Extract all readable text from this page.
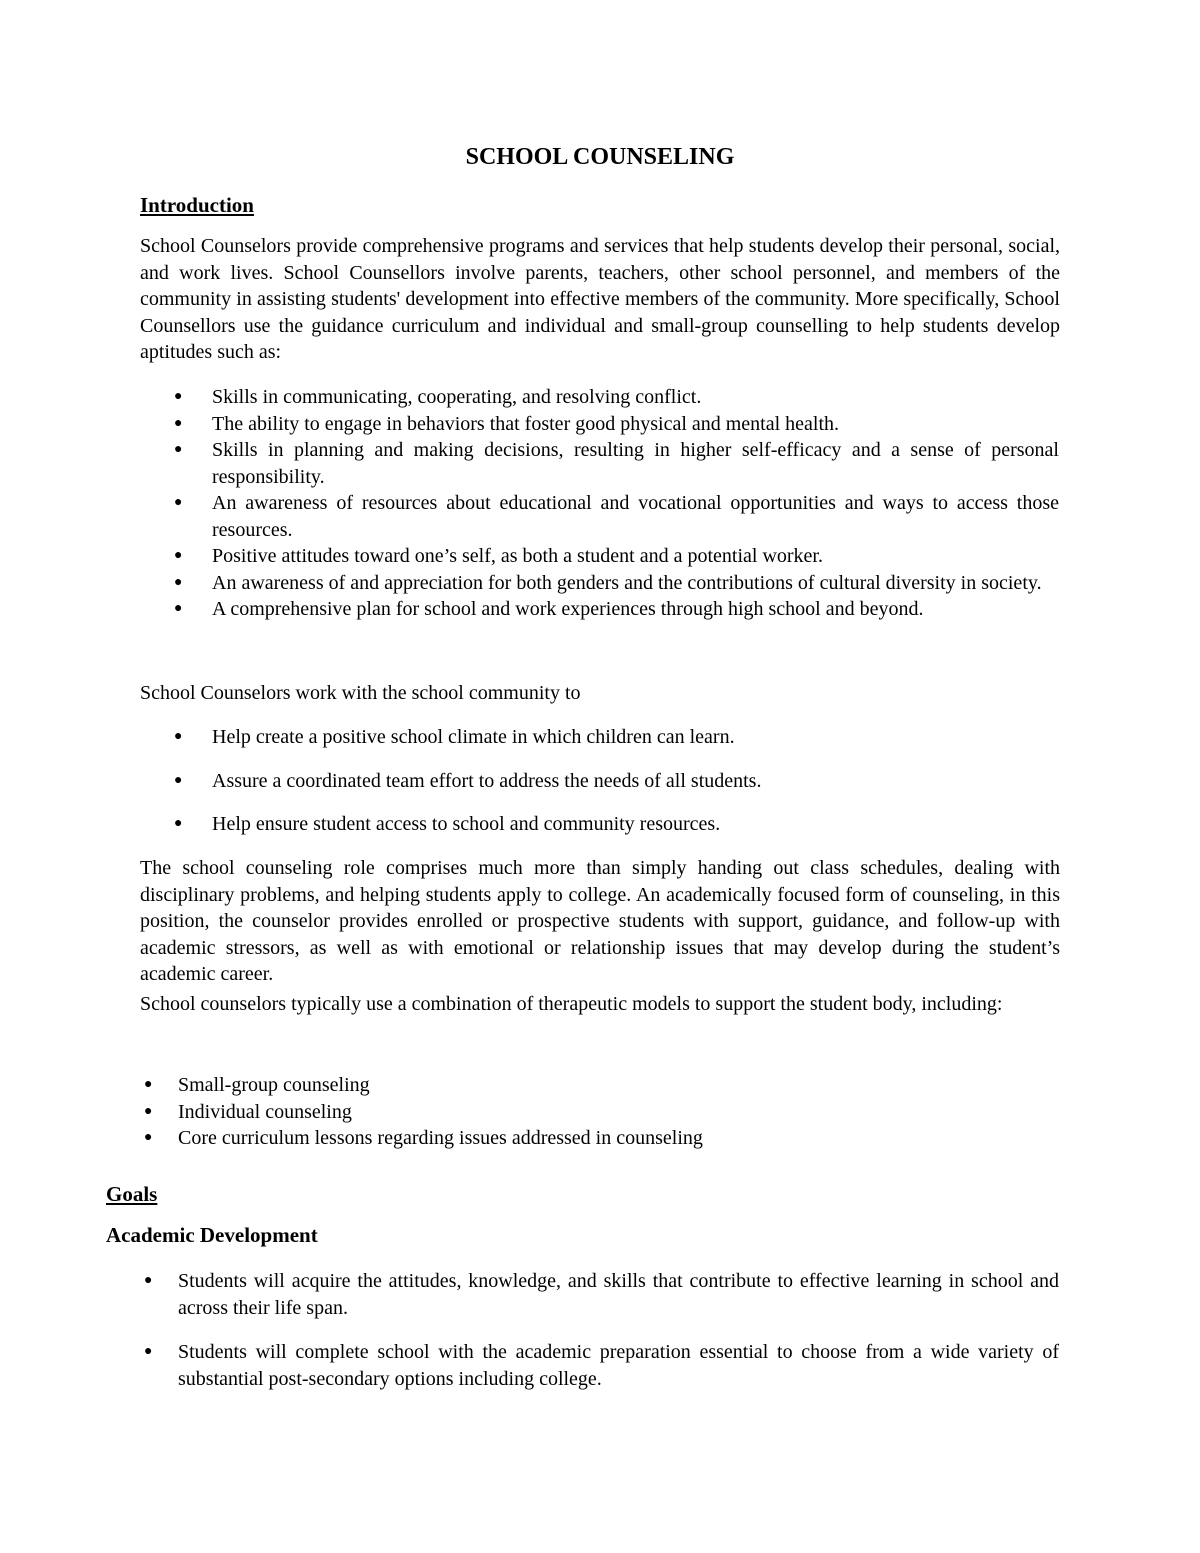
SCHOOL COUNSELING
Introduction

School Counselors provide comprehensive programs and services that help students develop their personal, social, and work lives. School Counsellors involve parents, teachers, other school personnel, and members of the community in assisting students' development into effective members of the community. More specifically, School Counsellors use the guidance curriculum and individual and small-group counselling to help students develop aptitudes such as:

● Skills in communicating, cooperating, and resolving conflict.
● The ability to engage in behaviors that foster good physical and mental health.
● Skills in planning and making decisions, resulting in higher self-efficacy and a sense of personal responsibility.
● An awareness of resources about educational and vocational opportunities and ways to access those resources.
● Positive attitudes toward one’s self, as both a student and a potential worker.
● An awareness of and appreciation for both genders and the contributions of cultural diversity in society.
● A comprehensive plan for school and work experiences through high school and beyond.

School Counselors work with the school community to

● Help create a positive school climate in which children can learn.
● Assure a coordinated team effort to address the needs of all students.
● Help ensure student access to school and community resources.

The school counseling role comprises much more than simply handing out class schedules, dealing with disciplinary problems, and helping students apply to college. An academically focused form of counseling, in this position, the counselor provides enrolled or prospective students with support, guidance, and follow-up with academic stressors, as well as with emotional or relationship issues that may develop during the student’s academic career.

School counselors typically use a combination of therapeutic models to support the student body, including:

● Small-group counseling
● Individual counseling
● Core curriculum lessons regarding issues addressed in counseling
Goals
Academic Development
● Students will acquire the attitudes, knowledge, and skills that contribute to effective learning in school and across their life span.
● Students will complete school with the academic preparation essential to choose from a wide variety of substantial post-secondary options including college.
